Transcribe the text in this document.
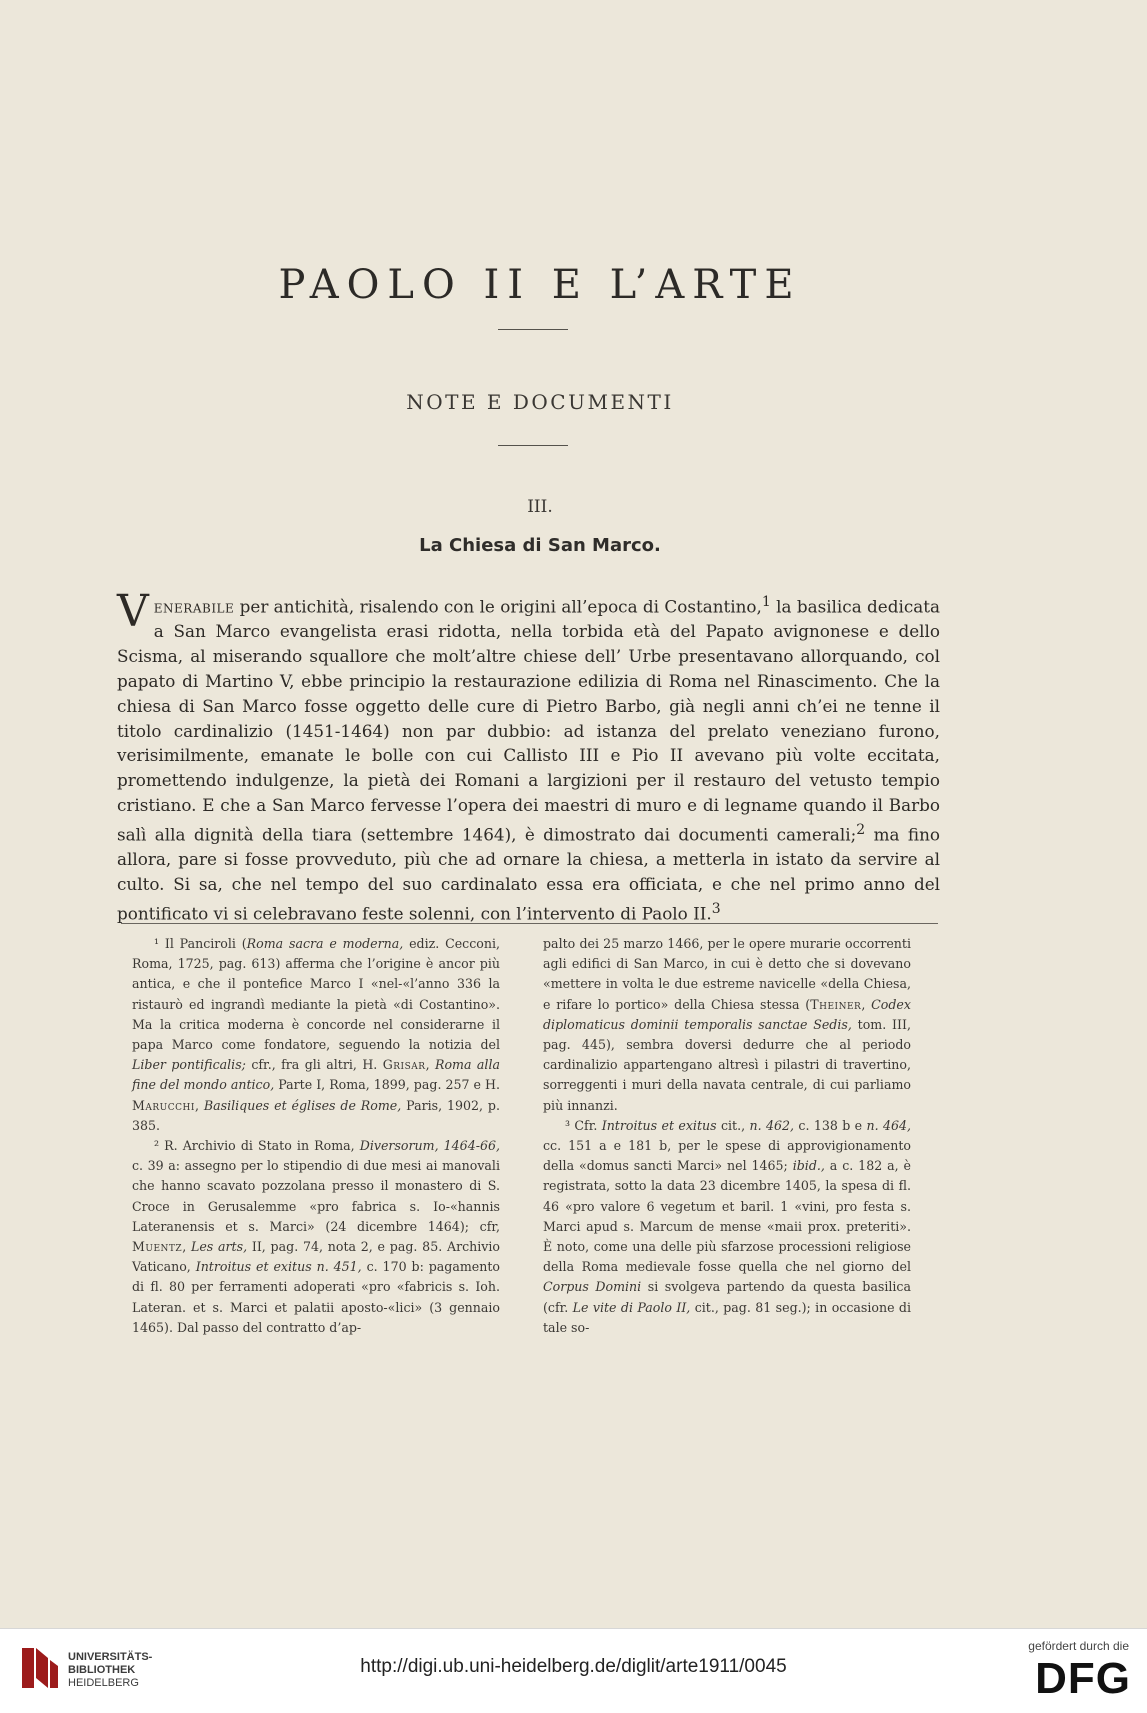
PAOLO II E L’ARTE
NOTE E DOCUMENTI
III.
La Chiesa di San Marco.

Venerabile per antichità, risalendo con le origini all’epoca di Costantino,$^1$ la basilica dedicata a San Marco evangelista erasi ridotta, nella torbida età del Papato avignonese e dello Scisma, al miserando squallore che molt’altre chiese dell’ Urbe presentavano allorquando, col papato di Martino V, ebbe principio la restaurazione edilizia di Roma nel Rinascimento. Che la chiesa di San Marco fosse oggetto delle cure di Pietro Barbo, già negli anni ch’ei ne tenne il titolo cardinalizio (1451-1464) non par dubbio: ad istanza del prelato veneziano furono, verisimilmente, emanate le bolle con cui Callisto III e Pio II avevano più volte eccitata, promettendo indulgenze, la pietà dei Romani a largizioni per il restauro del vetusto tempio cristiano. E che a San Marco fervesse l’opera dei maestri di muro e di legname quando il Barbo salì alla dignità della tiara (settembre 1464), è dimostrato dai documenti camerali;$^2$ ma fino allora, pare si fosse provveduto, più che ad ornare la chiesa, a metterla in istato da servire al culto. Si sa, che nel tempo del suo cardinalato essa era officiata, e che nel primo anno del pontificato vi si celebravano feste solenni, con l’intervento di Paolo II.$^3$

¹ Il Panciroli (Roma sacra e moderna, ediz. Cecconi, Roma, 1725, pag. 613) afferma che l’origine è ancor più antica, e che il pontefice Marco I «nel-«l’anno 336 la ristaurò ed ingrandì mediante la pietà «di Costantino». Ma la critica moderna è concorde nel considerarne il papa Marco come fondatore, seguendo la notizia del Liber pontificalis; cfr., fra gli altri, H. Grisar, Roma alla fine del mondo antico, Parte I, Roma, 1899, pag. 257 e H. Marucchi, Basiliques et églises de Rome, Paris, 1902, p. 385.

² R. Archivio di Stato in Roma, Diversorum, 1464-66, c. 39 a: assegno per lo stipendio di due mesi ai manovali che hanno scavato pozzolana presso il monastero di S. Croce in Gerusalemme «pro fabrica s. Io-«hannis Lateranensis et s. Marci» (24 dicembre 1464); cfr, Muentz, Les arts, II, pag. 74, nota 2, e pag. 85. Archivio Vaticano, Introitus et exitus n. 451, c. 170 b: pagamento di fl. 80 per ferramenti adoperati «pro «fabricis s. Ioh. Lateran. et s. Marci et palatii aposto-«lici» (3 gennaio 1465). Dal passo del contratto d’ap-

palto dei 25 marzo 1466, per le opere murarie occorrenti agli edifici di San Marco, in cui è detto che si dovevano «mettere in volta le due estreme navicelle «della Chiesa, e rifare lo portico» della Chiesa stessa (Theiner, Codex diplomaticus dominii temporalis sanctae Sedis, tom. III, pag. 445), sembra doversi dedurre che al periodo cardinalizio appartengano altresì i pilastri di travertino, sorreggenti i muri della navata centrale, di cui parliamo più innanzi.

³ Cfr. Introitus et exitus cit., n. 462, c. 138 b e n. 464, cc. 151 a e 181 b, per le spese di approvigionamento della «domus sancti Marci» nel 1465; ibid., a c. 182 a, è registrata, sotto la data 23 dicembre 1405, la spesa di fl. 46 «pro valore 6 vegetum et baril. 1 «vini, pro festa s. Marci apud s. Marcum de mense «maii prox. preteriti». È noto, come una delle più sfarzose processioni religiose della Roma medievale fosse quella che nel giorno del Corpus Domini si svolgeva partendo da questa basilica (cfr. Le vite di Paolo II, cit., pag. 81 seg.); in occasione di tale so-

UNIVERSITÄTS-
BIBLIOTHEK
HEIDELBERG
http://digi.ub.uni-heidelberg.de/diglit/arte1911/0045
gefördert durch die
DFG
